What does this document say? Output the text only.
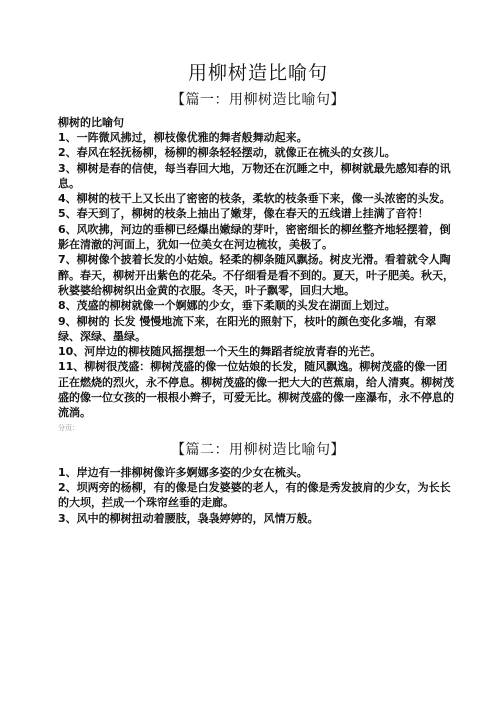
用柳树造比喻句
【篇一：用柳树造比喻句】

柳树的比喻句

1、一阵微风拂过，柳枝像优雅的舞者般舞动起来。
2、春风在轻抚杨柳，杨柳的柳条轻轻摆动，就像正在梳头的女孩儿。
3、柳树是春的信使，每当春回大地，万物还在沉睡之中，柳树就最先感知春的讯息。
4、柳树的枝干上又长出了密密的枝条，柔软的枝条垂下来，像一头浓密的头发。
5、春天到了，柳树的枝条上抽出了嫩芽，像在春天的五线谱上挂满了音符！
6、风吹拂，河边的垂柳已经爆出嫩绿的芽叶，密密细长的柳丝整齐地轻摆着，倒影在清澈的河面上，犹如一位美女在河边梳妆，美极了。
7、柳树像个披着长发的小姑娘。轻柔的柳条随风飘扬。树皮光滑。看着就令人陶醉。春天，柳树开出紫色的花朵。不仔细看是看不到的。夏天，叶子肥美。秋天，秋婆婆给柳树织出金黄的衣服。冬天，叶子飘零，回归大地。
8、茂盛的柳树就像一个婀娜的少女，垂下柔顺的头发在湖面上划过。
9、柳树的 长发 慢慢地流下来，在阳光的照射下，枝叶的颜色变化多端，有翠绿、深绿、墨绿。
10、河岸边的柳枝随风摇摆想一个天生的舞蹈者绽放青春的光芒。
11、柳树很茂盛：柳树茂盛的像一位姑娘的长发，随风飘逸。柳树茂盛的像一团正在燃烧的烈火，永不停息。柳树茂盛的像一把大大的芭蕉扇，给人清爽。柳树茂盛的像一位女孩的一根根小辫子，可爱无比。柳树茂盛的像一座瀑布，永不停息的流淌。
分页：
【篇二：用柳树造比喻句】
1、岸边有一排柳树像许多婀娜多姿的少女在梳头。
2、坝两旁的杨柳，有的像是白发婆婆的老人，有的像是秀发披肩的少女，为长长的大坝，拦成一个珠帘丝垂的走廊。
3、风中的柳树扭动着腰肢，袅袅婷婷的，风情万般。
